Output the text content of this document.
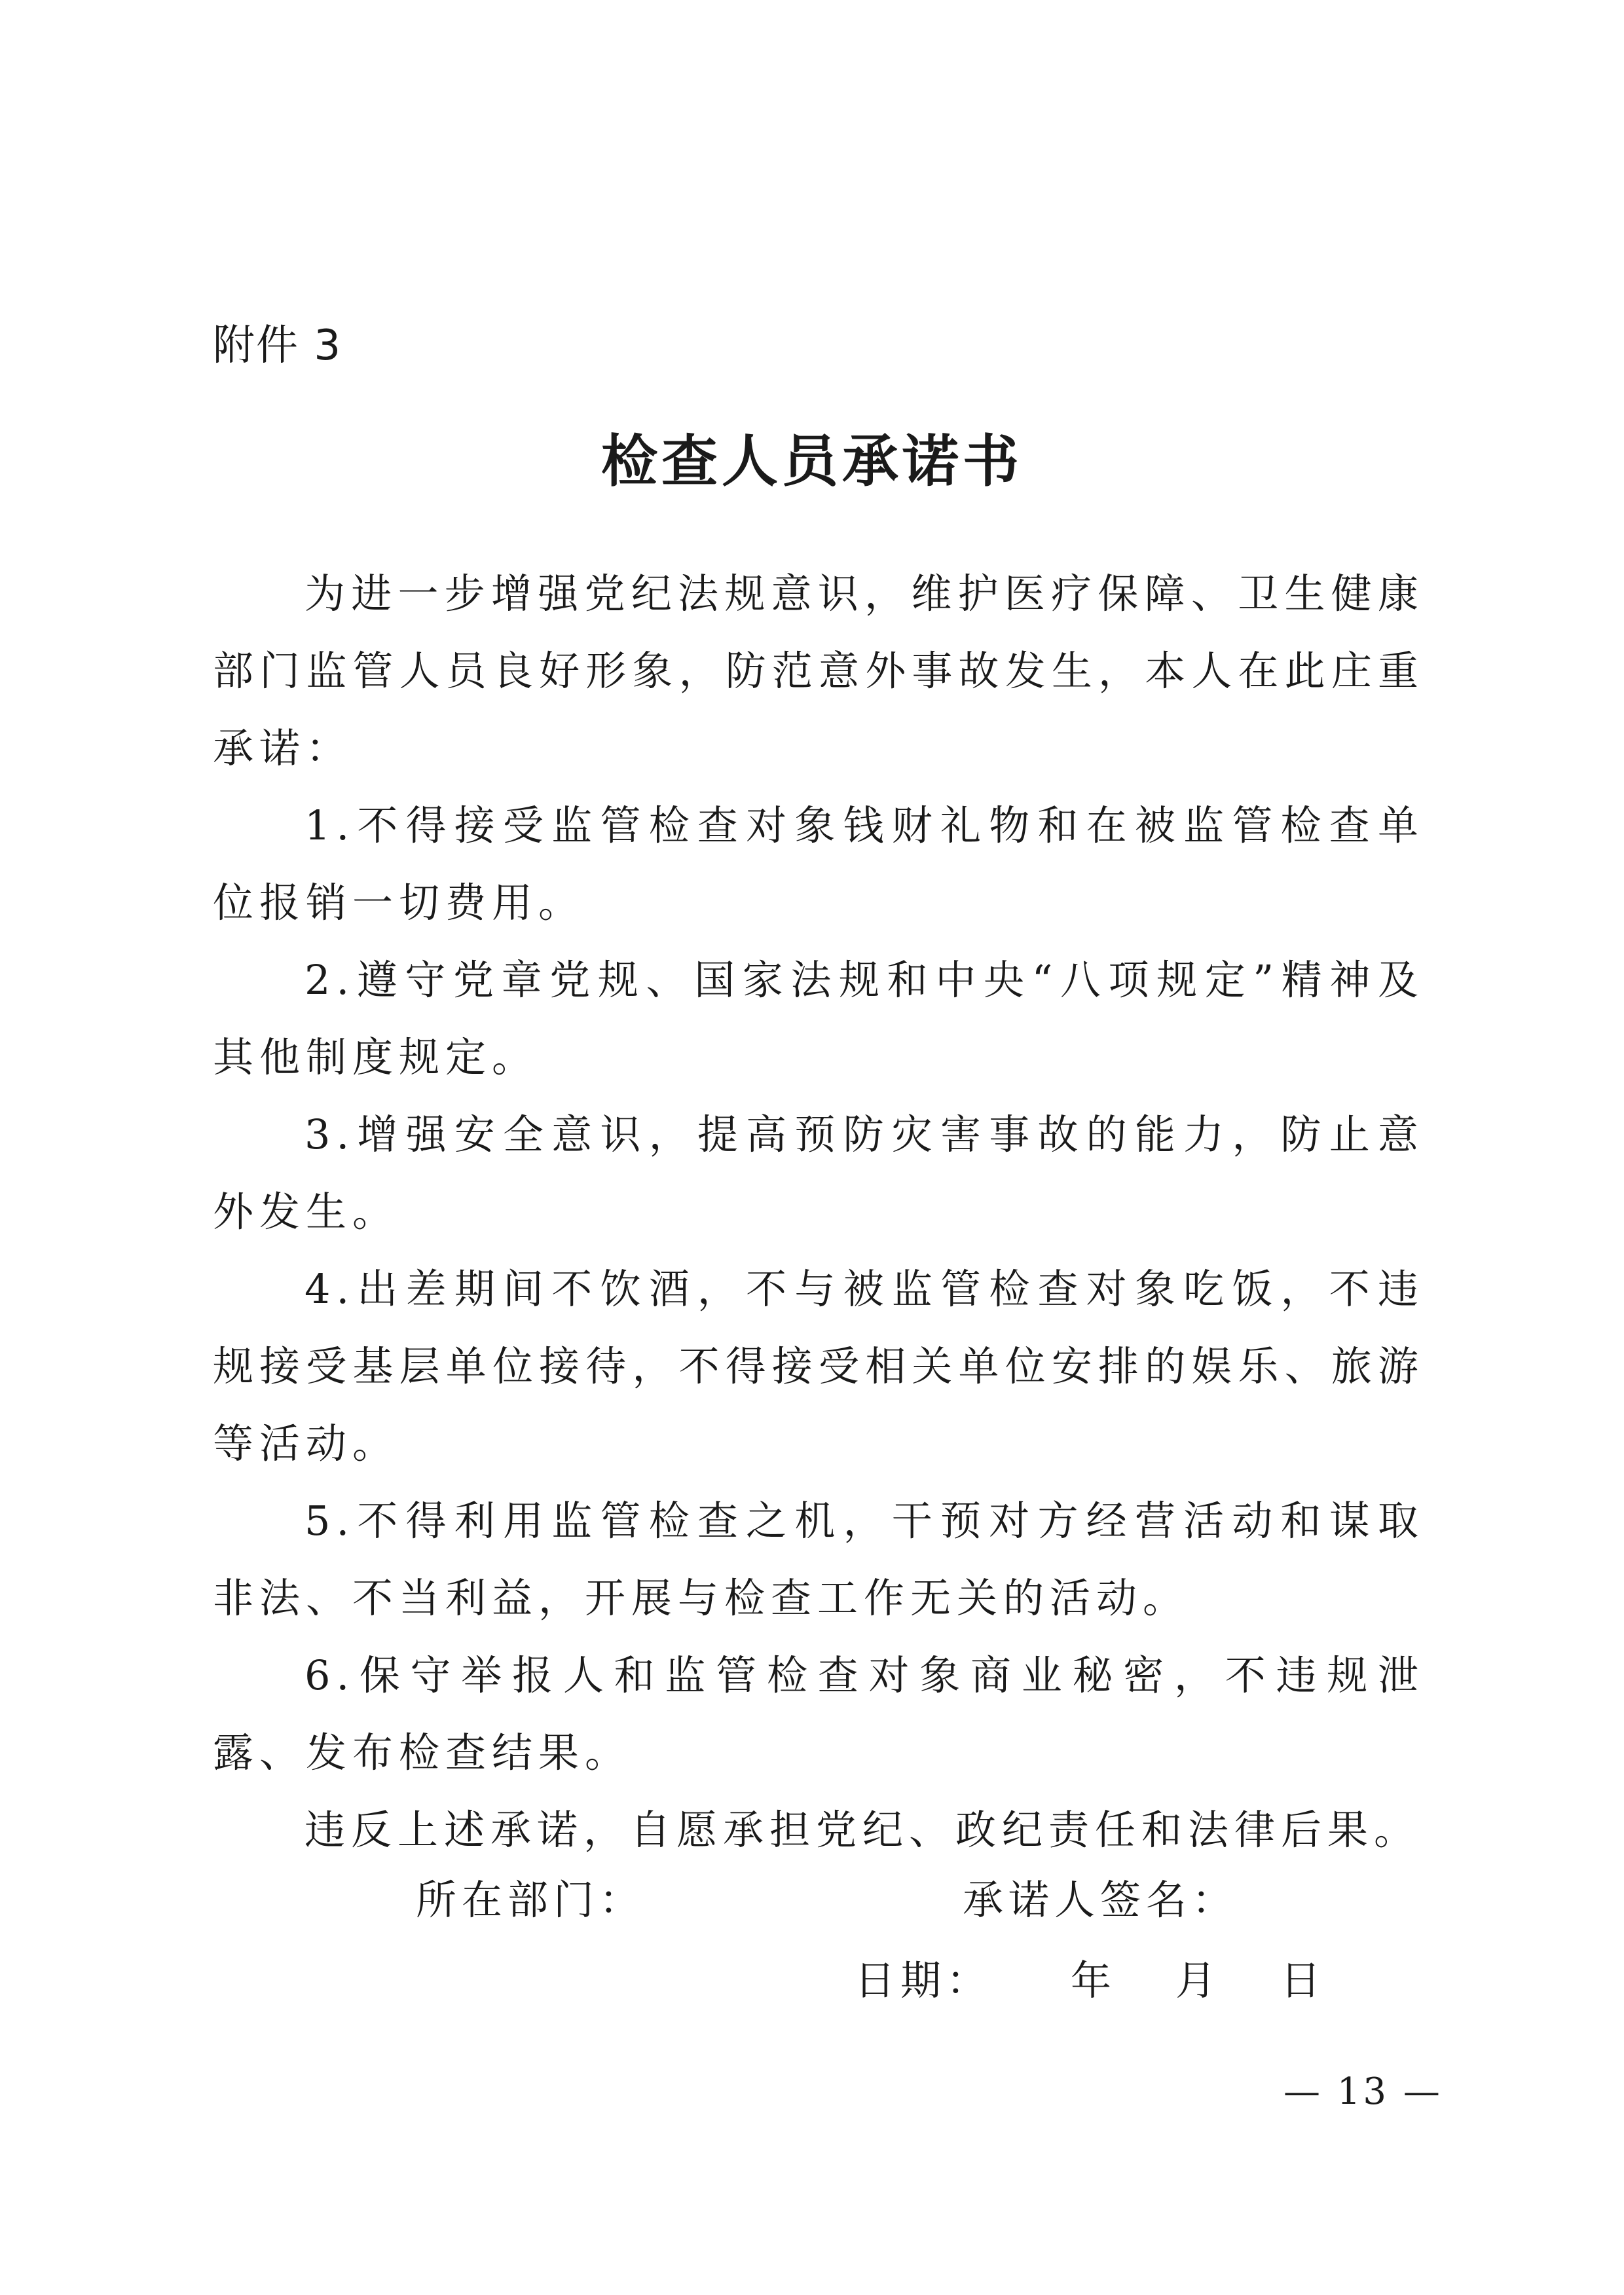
附件 3
检查人员承诺书

为进一步增强党纪法规意识，维护医疗保障、卫生健康部门监管人员良好形象，防范意外事故发生，本人在此庄重承诺：

1.不得接受监管检查对象钱财礼物和在被监管检查单位报销一切费用。

2.遵守党章党规、国家法规和中央“八项规定”精神及其他制度规定。

3.增强安全意识，提高预防灾害事故的能力，防止意外发生。

4.出差期间不饮酒，不与被监管检查对象吃饭，不违规接受基层单位接待，不得接受相关单位安排的娱乐、旅游等活动。

5.不得利用监管检查之机，干预对方经营活动和谋取非法、不当利益，开展与检查工作无关的活动。

6.保守举报人和监管检查对象商业秘密，不违规泄露、发布检查结果。

违反上述承诺，自愿承担党纪、政纪责任和法律后果。

所在部门：	承诺人签名：
日期： 年 月 日
— 13 —
